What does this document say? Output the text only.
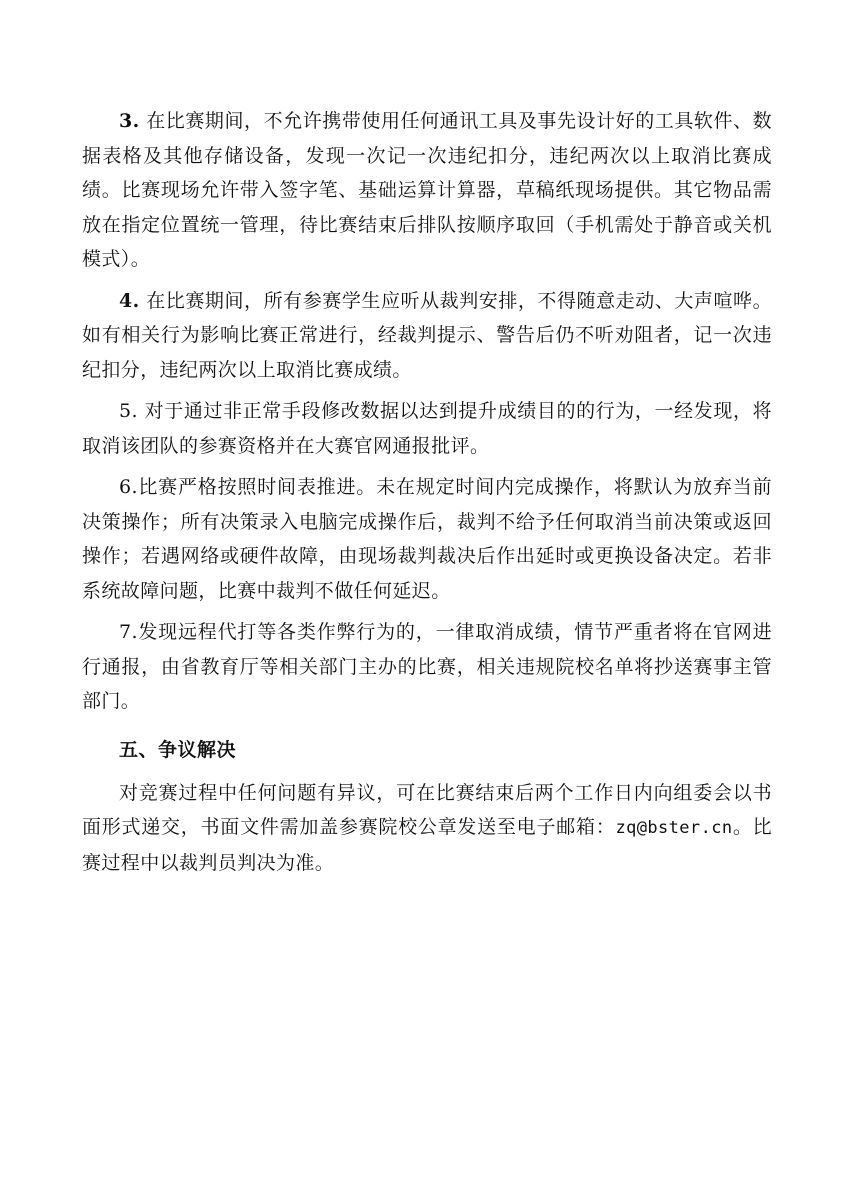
3. 在比赛期间，不允许携带使用任何通讯工具及事先设计好的工具软件、数据表格及其他存储设备，发现一次记一次违纪扣分，违纪两次以上取消比赛成绩。比赛现场允许带入签字笔、基础运算计算器，草稿纸现场提供。其它物品需放在指定位置统一管理，待比赛结束后排队按顺序取回（手机需处于静音或关机模式）。

4. 在比赛期间，所有参赛学生应听从裁判安排，不得随意走动、大声喧哗。如有相关行为影响比赛正常进行，经裁判提示、警告后仍不听劝阻者，记一次违纪扣分，违纪两次以上取消比赛成绩。

5. 对于通过非正常手段修改数据以达到提升成绩目的的行为，一经发现，将取消该团队的参赛资格并在大赛官网通报批评。

6.比赛严格按照时间表推进。未在规定时间内完成操作，将默认为放弃当前决策操作；所有决策录入电脑完成操作后，裁判不给予任何取消当前决策或返回操作；若遇网络或硬件故障，由现场裁判裁决后作出延时或更换设备决定。若非系统故障问题，比赛中裁判不做任何延迟。

7.发现远程代打等各类作弊行为的，一律取消成绩，情节严重者将在官网进行通报，由省教育厅等相关部门主办的比赛，相关违规院校名单将抄送赛事主管部门。

五、争议解决

对竞赛过程中任何问题有异议，可在比赛结束后两个工作日内向组委会以书面形式递交，书面文件需加盖参赛院校公章发送至电子邮箱：zq@bster.cn。比赛过程中以裁判员判决为准。
